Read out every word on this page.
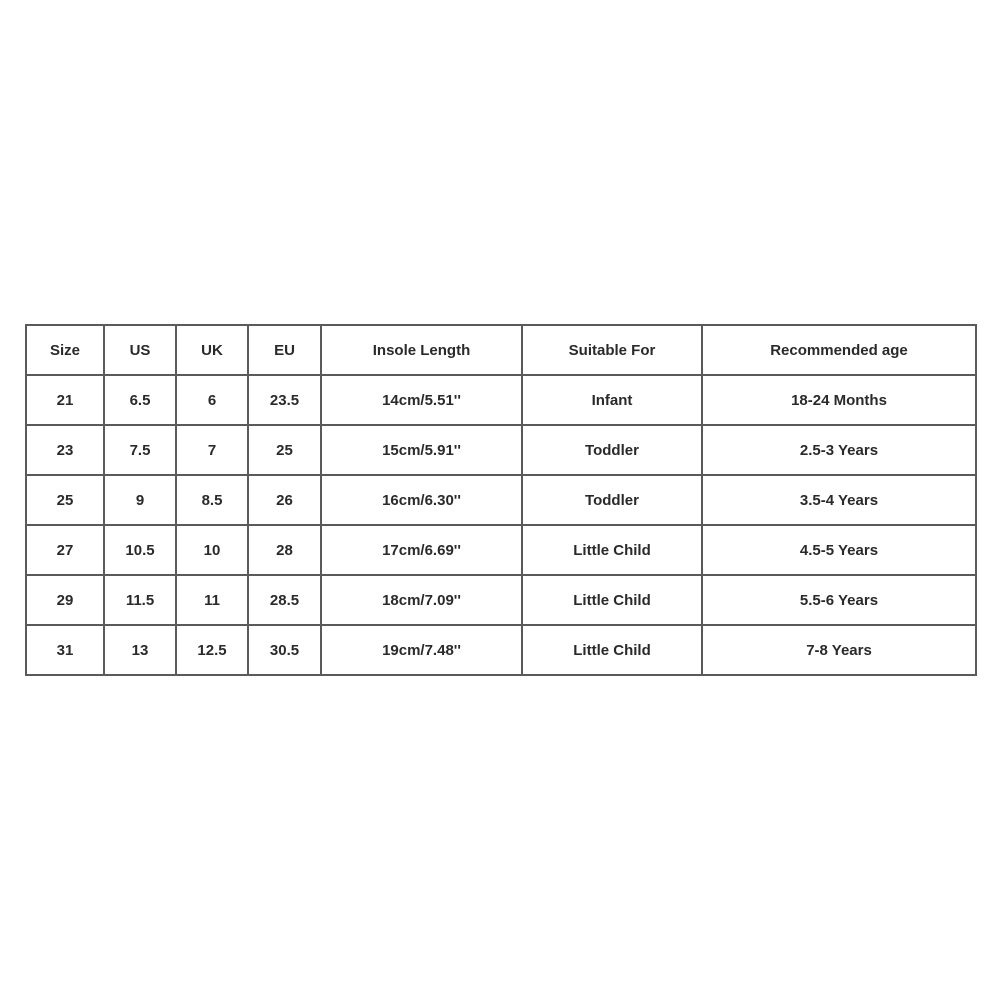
Size	US	UK	EU	Insole Length	Suitable For	Recommended age
21	6.5	6	23.5	14cm/5.51''	Infant	18-24 Months
23	7.5	7	25	15cm/5.91''	Toddler	2.5-3 Years
25	9	8.5	26	16cm/6.30''	Toddler	3.5-4 Years
27	10.5	10	28	17cm/6.69''	Little Child	4.5-5 Years
29	11.5	11	28.5	18cm/7.09''	Little Child	5.5-6 Years
31	13	12.5	30.5	19cm/7.48''	Little Child	7-8 Years
